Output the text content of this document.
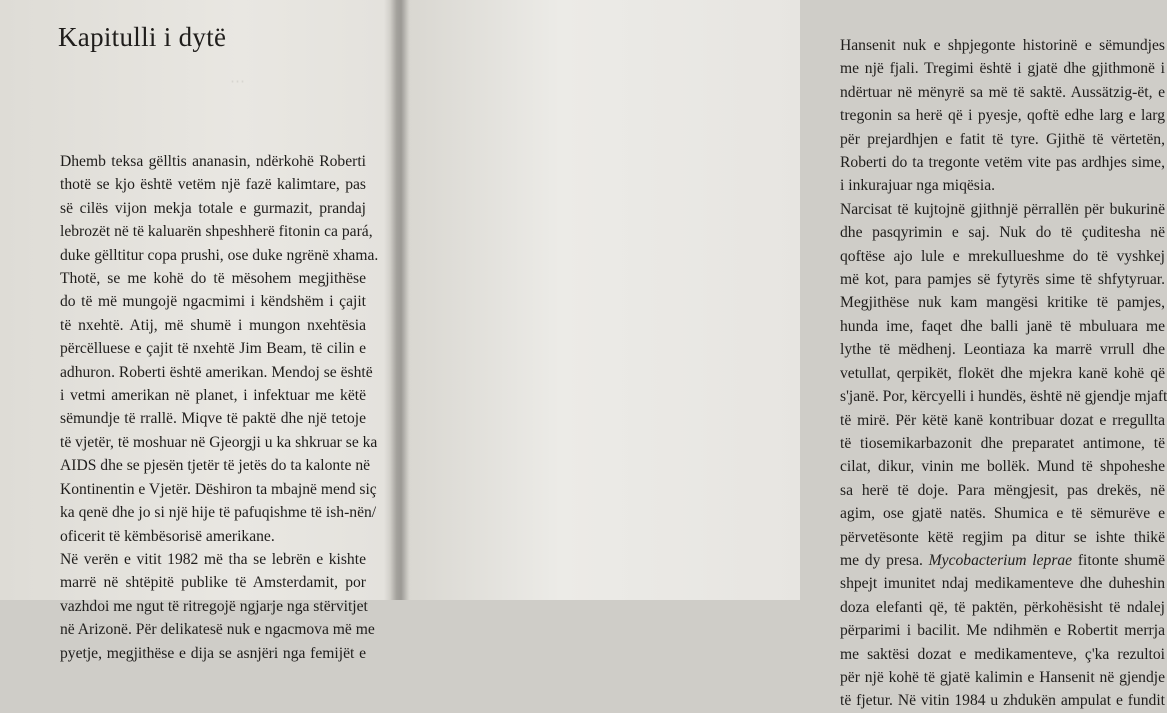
⋯
Kapitulli i dytë
Dhemb teksa gëlltis ananasin, ndërkohë Roberti
thotë se kjo është vetëm një fazë kalimtare, pas
së cilës vijon mekja totale e gurmazit, prandaj
lebrozët në të kaluarën shpeshherë fitonin ca pará,
duke gëlltitur copa prushi, ose duke ngrënë xhama.
Thotë, se me kohë do të mësohem megjithëse
do të më mungojë ngacmimi i këndshëm i çajit
të nxehtë. Atij, më shumë i mungon nxehtësia
përcëlluese e çajit të nxehtë Jim Beam, të cilin e
adhuron. Roberti është amerikan. Mendoj se është
i vetmi amerikan në planet, i infektuar me këtë
sëmundje të rrallë. Miqve të paktë dhe një tetoje
të vjetër, të moshuar në Gjeorgji u ka shkruar se ka
AIDS dhe se pjesën tjetër të jetës do ta kalonte në
Kontinentin e Vjetër. Dëshiron ta mbajnë mend siç
ka qenë dhe jo si një hije të pafuqishme të ish-nën/
oficerit të këmbësorisë amerikane.
Në verën e vitit 1982 më tha se lebrën e kishte
marrë në shtëpitë publike të Amsterdamit, por
vazhdoi me ngut të ritregojë ngjarje nga stërvitjet
në Arizonë. Për delikatesë nuk e ngacmova më me
pyetje, megjithëse e dija se asnjëri nga femijët e
Hansenit nuk e shpjegonte historinë e sëmundjes
me një fjali. Tregimi është i gjatë dhe gjithmonë i
ndërtuar në mënyrë sa më të saktë. Aussätzig-ët, e
tregonin sa herë që i pyesje, qoftë edhe larg e larg
për prejardhjen e fatit të tyre. Gjithë të vërtetën,
Roberti do ta tregonte vetëm vite pas ardhjes sime,
i inkurajuar nga miqësia.
Narcisat të kujtojnë gjithnjë përrallën për bukurinë
dhe pasqyrimin e saj. Nuk do të çuditesha në
qoftëse ajo lule e mrekullueshme do të vyshkej
më kot, para pamjes së fytyrës sime të shfytyruar.
Megjithëse nuk kam mangësi kritike të pamjes,
hunda ime, faqet dhe balli janë të mbuluara me
lythe të mëdhenj. Leontiaza ka marrë vrrull dhe
vetullat, qerpikët, flokët dhe mjekra kanë kohë që
s'janë. Por, kërcyelli i hundës, është në gjendje mjaft
të mirë. Për këtë kanë kontribuar dozat e rregullta
të tiosemikarbazonit dhe preparatet antimone, të
cilat, dikur, vinin me bollëk. Mund të shpoheshe
sa herë të doje. Para mëngjesit, pas drekës, në
agim, ose gjatë natës. Shumica e të sëmurëve e
përvetësonte këtë regjim pa ditur se ishte thikë
me dy presa. Mycobacterium leprae fitonte shumë
shpejt imunitet ndaj medikamenteve dhe duheshin
doza elefanti që, të paktën, përkohësisht të ndalej
përparimi i bacilit. Me ndihmën e Robertit merrja
me saktësi dozat e medikamenteve, ç'ka rezultoi
për një kohë të gjatë kalimin e Hansenit në gjendje
të fjetur. Në vitin 1984 u zhdukën ampulat e fundit
